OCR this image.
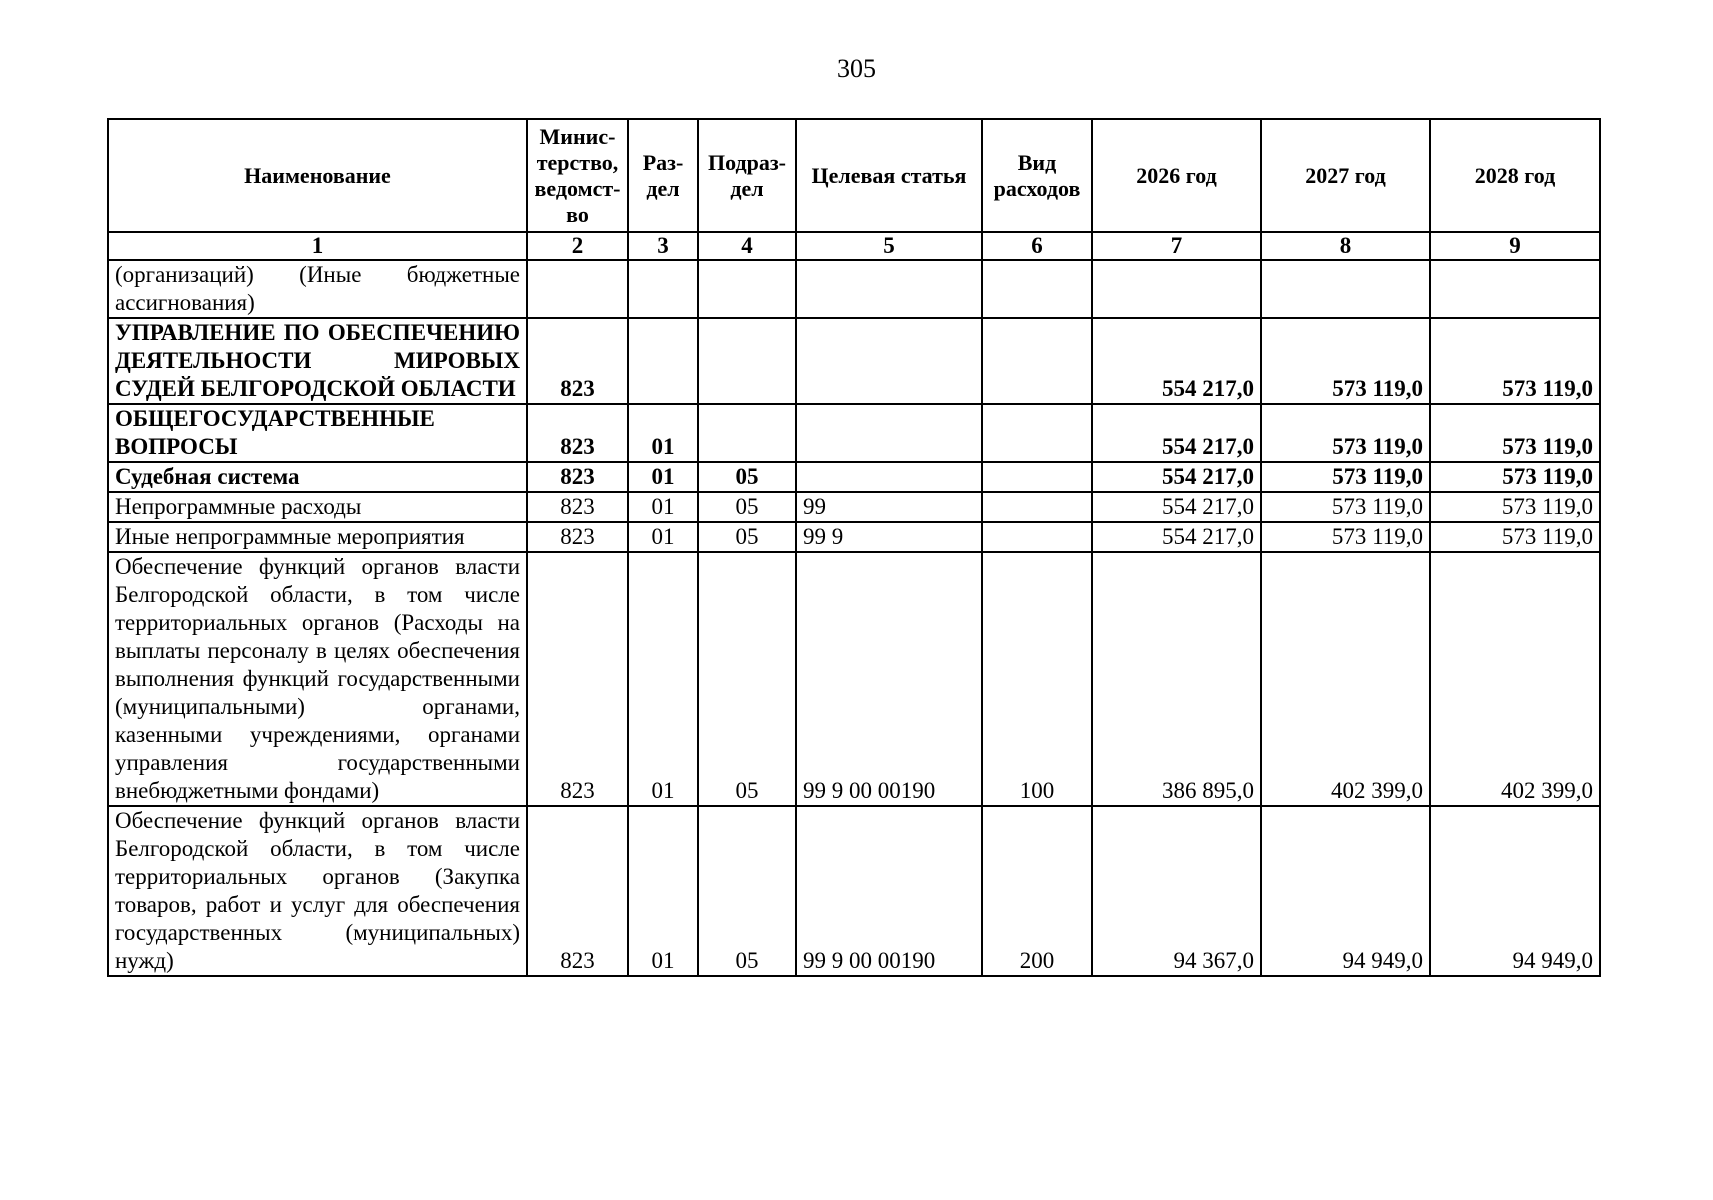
305
Наименование	Минис-терство, ведомст-во	Раз-дел	Подраз-дел	Целевая статья	Вид расходов	2026 год	2027 год	2028 год
1	2	3	4	5	6	7	8	9
(организаций) (Иные бюджетные ассигнования)								
УПРАВЛЕНИЕ ПО ОБЕСПЕЧЕНИЮ ДЕЯТЕЛЬНОСТИ МИРОВЫХ СУДЕЙ БЕЛГОРОДСКОЙ ОБЛАСТИ	823					554 217,0	573 119,0	573 119,0
ОБЩЕГОСУДАРСТВЕННЫЕ ВОПРОСЫ	823	01				554 217,0	573 119,0	573 119,0
Судебная система	823	01	05			554 217,0	573 119,0	573 119,0
Непрограммные расходы	823	01	05	99		554 217,0	573 119,0	573 119,0
Иные непрограммные мероприятия	823	01	05	99 9		554 217,0	573 119,0	573 119,0
Обеспечение функций органов власти Белгородской области, в том числе территориальных органов (Расходы на выплаты персоналу в целях обеспечения выполнения функций государственными (муниципальными) органами, казенными учреждениями, органами управления государственными внебюджетными фондами)	823	01	05	99 9 00 00190	100	386 895,0	402 399,0	402 399,0
Обеспечение функций органов власти Белгородской области, в том числе территориальных органов (Закупка товаров, работ и услуг для обеспечения государственных (муниципальных) нужд)	823	01	05	99 9 00 00190	200	94 367,0	94 949,0	94 949,0
